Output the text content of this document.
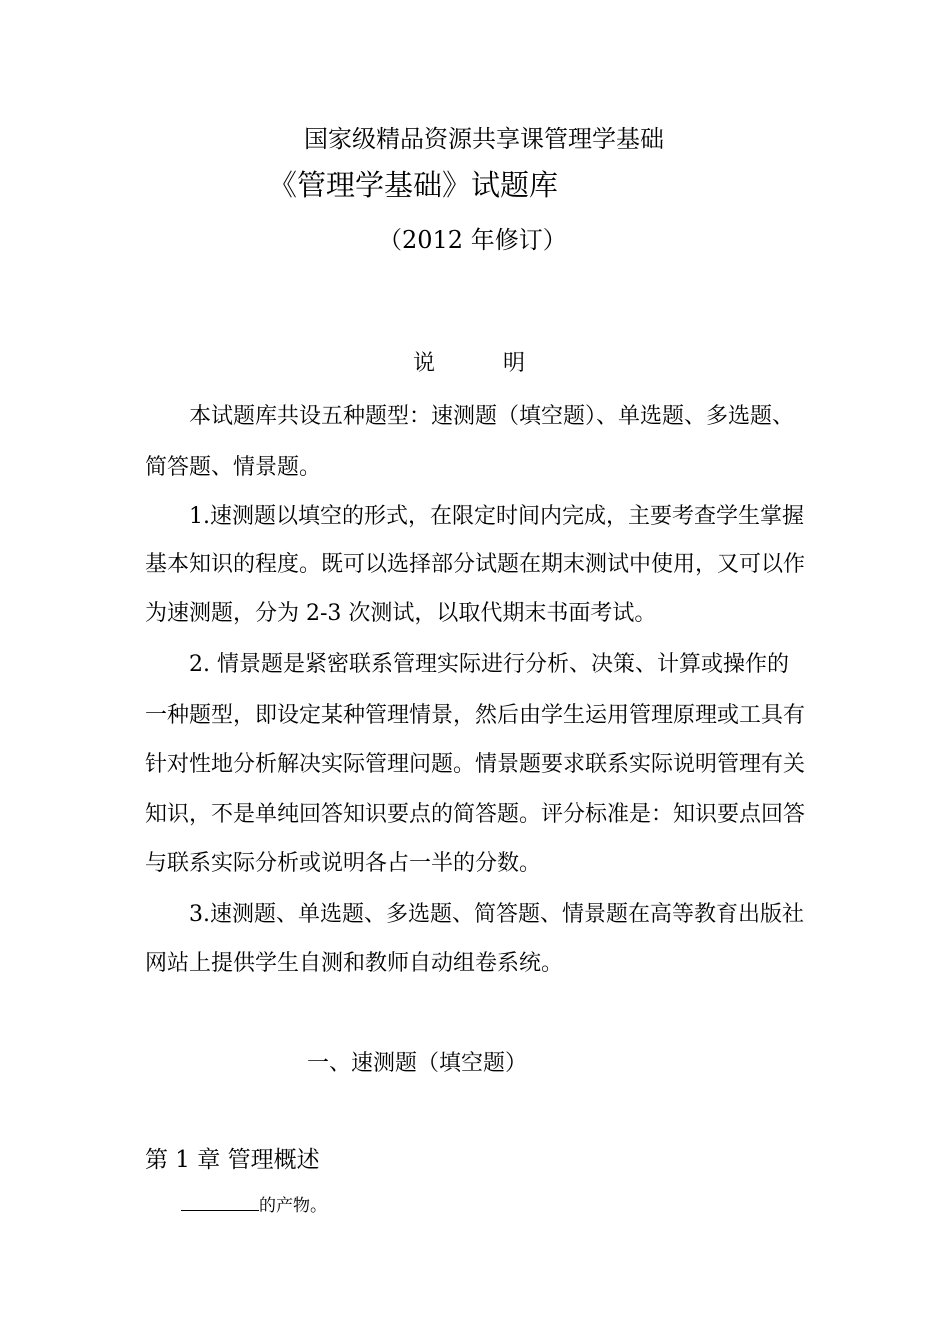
国家级精品资源共享课管理学基础
《管理学基础》试题库
（2012 年修订）
说	明
本试题库共设五种题型：速测题（填空题）、单选题、多选题、
简答题、情景题。
1.速测题以填空的形式，在限定时间内完成，主要考查学生掌握
基本知识的程度。既可以选择部分试题在期末测试中使用，又可以作
为速测题，分为 2-3 次测试，以取代期末书面考试。
2. 情景题是紧密联系管理实际进行分析、决策、计算或操作的
一种题型，即设定某种管理情景，然后由学生运用管理原理或工具有
针对性地分析解决实际管理问题。情景题要求联系实际说明管理有关
知识，不是单纯回答知识要点的简答题。评分标准是：知识要点回答
与联系实际分析或说明各占一半的分数。
3.速测题、单选题、多选题、简答题、情景题在高等教育出版社
网站上提供学生自测和教师自动组卷系统。
一、速测题（填空题）
第 1 章 管理概述
的产物。
